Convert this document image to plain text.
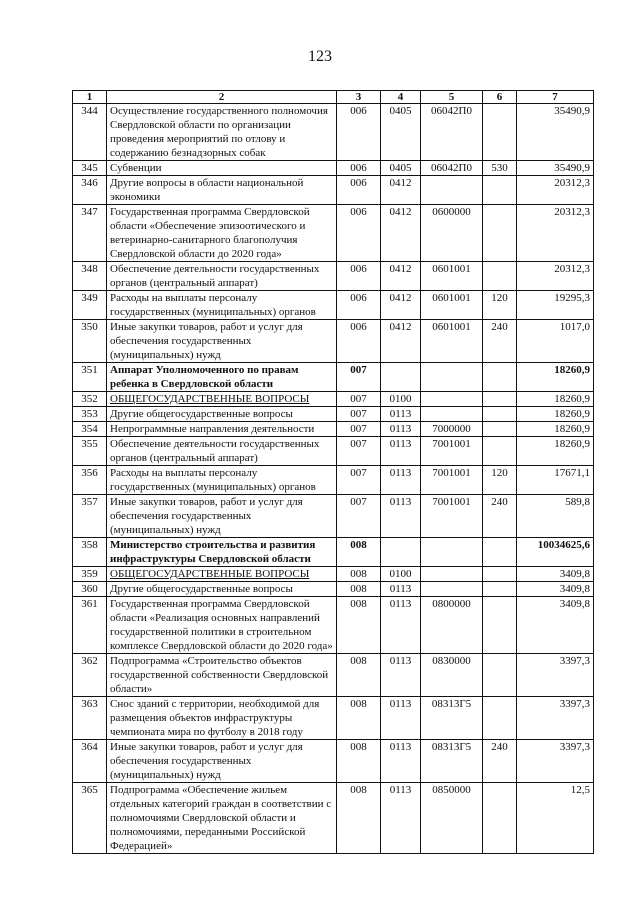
123
1	2	3	4	5	6	7
344	Осуществление государственного полномочия Свердловской области по организации проведения мероприятий по отлову и содержанию безнадзорных собак	006	0405	06042П0		35490,9
345	Субвенции	006	0405	06042П0	530	35490,9
346	Другие вопросы в области национальной экономики	006	0412			20312,3
347	Государственная программа Свердловской области «Обеспечение эпизоотического и ветеринарно-санитарного благополучия Свердловской области до 2020 года»	006	0412	0600000		20312,3
348	Обеспечение деятельности государственных органов (центральный аппарат)	006	0412	0601001		20312,3
349	Расходы на выплаты персоналу государственных (муниципальных) органов	006	0412	0601001	120	19295,3
350	Иные закупки товаров, работ и услуг для обеспечения государственных (муниципальных) нужд	006	0412	0601001	240	1017,0
351	Аппарат Уполномоченного по правам ребенка в Свердловской области	007				18260,9
352	ОБЩЕГОСУДАРСТВЕННЫЕ ВОПРОСЫ	007	0100			18260,9
353	Другие общегосударственные вопросы	007	0113			18260,9
354	Непрограммные направления деятельности	007	0113	7000000		18260,9
355	Обеспечение деятельности государственных органов (центральный аппарат)	007	0113	7001001		18260,9
356	Расходы на выплаты персоналу государственных (муниципальных) органов	007	0113	7001001	120	17671,1
357	Иные закупки товаров, работ и услуг для обеспечения государственных (муниципальных) нужд	007	0113	7001001	240	589,8
358	Министерство строительства и развития инфраструктуры Свердловской области	008				10034625,6
359	ОБЩЕГОСУДАРСТВЕННЫЕ ВОПРОСЫ	008	0100			3409,8
360	Другие общегосударственные вопросы	008	0113			3409,8
361	Государственная программа Свердловской области «Реализация основных направлений государственной политики в строительном комплексе Свердловской области до 2020 года»	008	0113	0800000		3409,8
362	Подпрограмма «Строительство объектов государственной собственности Свердловской области»	008	0113	0830000		3397,3
363	Снос зданий с территории, необходимой для размещения объектов инфраструктуры чемпионата мира по футболу в 2018 году	008	0113	08313Г5		3397,3
364	Иные закупки товаров, работ и услуг для обеспечения государственных (муниципальных) нужд	008	0113	08313Г5	240	3397,3
365	Подпрограмма «Обеспечение жильем отдельных категорий граждан в соответствии с полномочиями Свердловской области и полномочиями, переданными Российской Федерацией»	008	0113	0850000		12,5
